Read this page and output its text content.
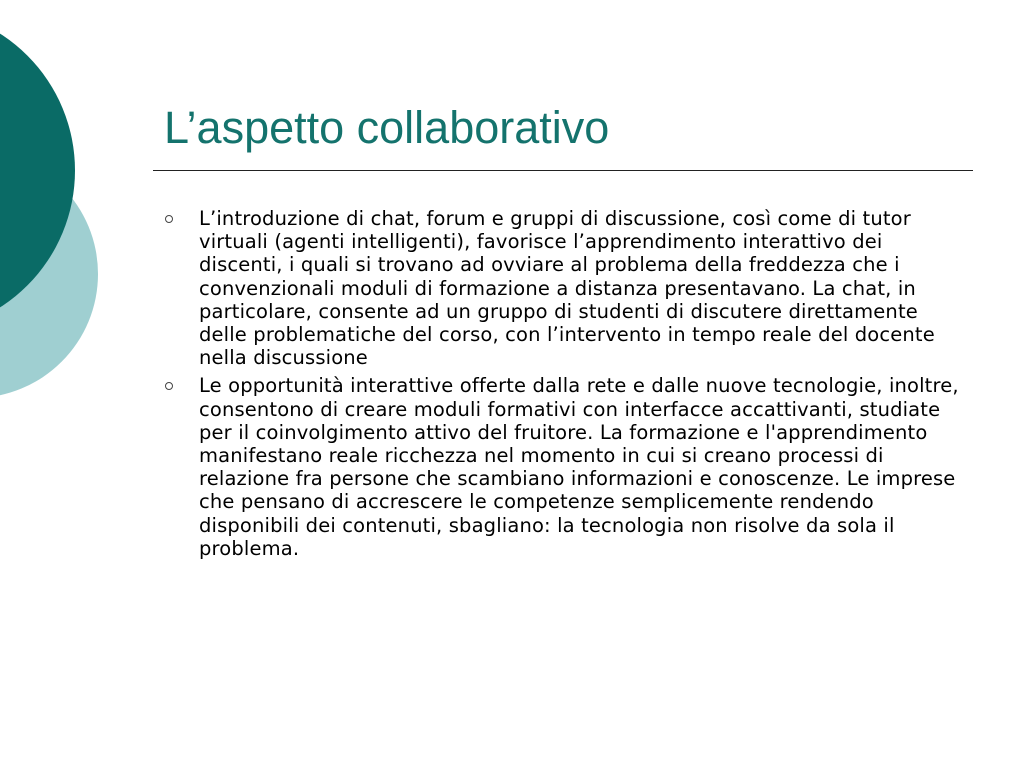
L’aspetto collaborativo
L’introduzione di chat, forum e gruppi di discussione, così come di tutor virtuali (agenti intelligenti), favorisce l’apprendimento interattivo dei discenti, i quali si trovano ad ovviare al problema della freddezza che i convenzionali moduli di formazione a distanza presentavano. La chat, in particolare, consente ad un gruppo di studenti di discutere direttamente delle problematiche del corso, con l’intervento in tempo reale del docente nella discussione
Le opportunità interattive offerte dalla rete e dalle nuove tecnologie, inoltre, consentono di creare moduli formativi con interfacce accattivanti, studiate per il coinvolgimento attivo del fruitore. La formazione e l'apprendimento manifestano reale ricchezza nel momento in cui si creano processi di relazione fra persone che scambiano informazioni e conoscenze. Le imprese che pensano di accrescere le competenze semplicemente rendendo disponibili dei contenuti, sbagliano: la tecnologia non risolve da sola il problema.
